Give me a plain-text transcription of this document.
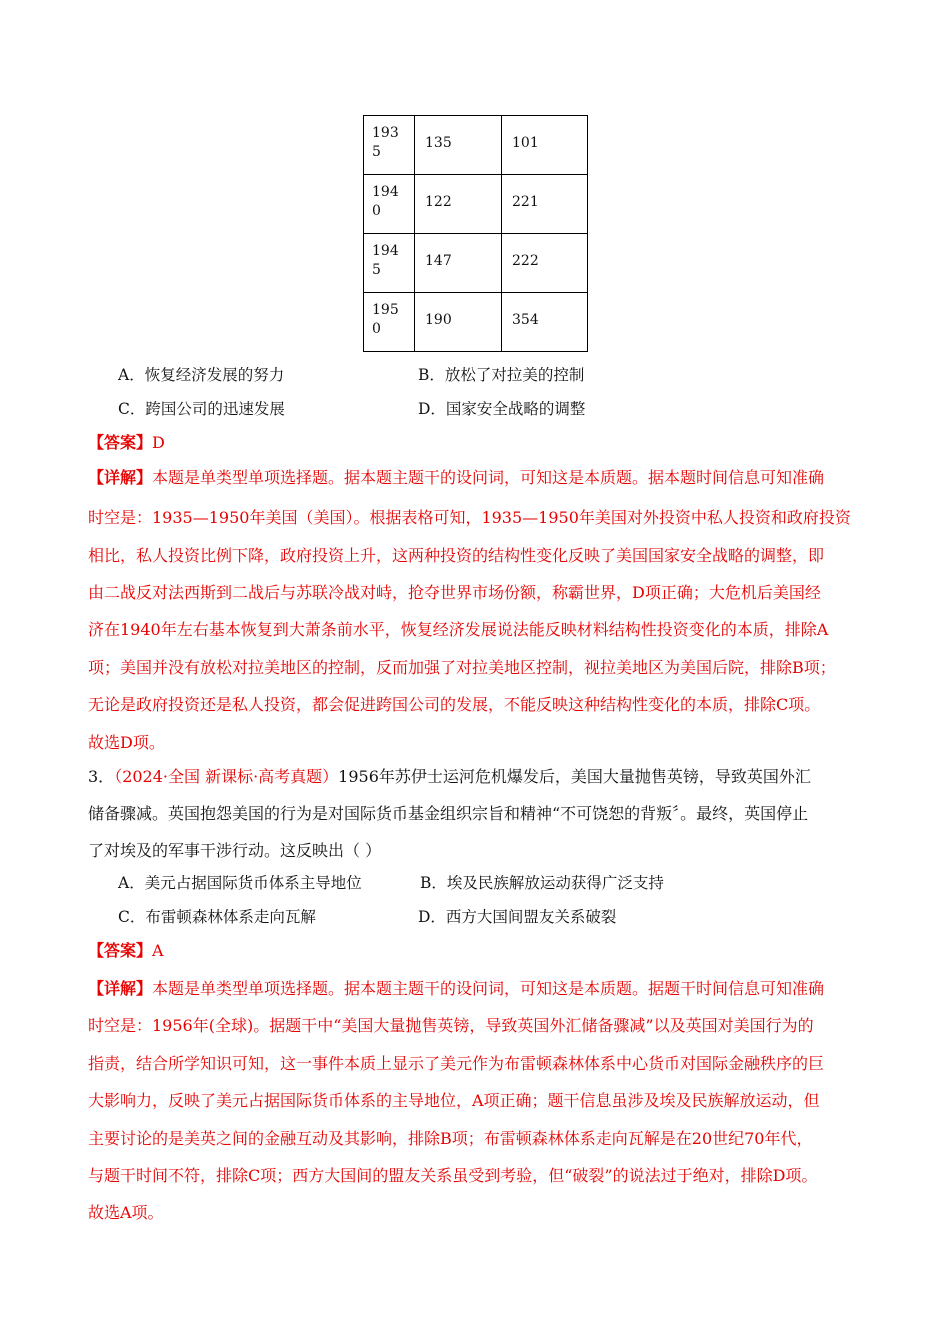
1935	135	101
1940	122	221
1945	147	222
1950	190	354
A．恢复经济发展的努力	B．放松了对拉美的控制
C．跨国公司的迅速发展	D．国家安全战略的调整
【答案】D
【详解】本题是单类型单项选择题。据本题主题干的设问词，可知这是本质题。据本题时间信息可知准确
时空是：1935—1950年美国（美国）。根据表格可知，1935—1950年美国对外投资中私人投资和政府投资
相比，私人投资比例下降，政府投资上升，这两种投资的结构性变化反映了美国国家安全战略的调整，即
由二战反对法西斯到二战后与苏联冷战对峙，抢夺世界市场份额，称霸世界，D项正确；大危机后美国经
济在1940年左右基本恢复到大萧条前水平，恢复经济发展说法能反映材料结构性投资变化的本质，排除A
项；美国并没有放松对拉美地区的控制，反而加强了对拉美地区控制，视拉美地区为美国后院，排除B项；
无论是政府投资还是私人投资，都会促进跨国公司的发展，不能反映这种结构性变化的本质，排除C项。
故选D项。
3．（2024·全国 新课标·高考真题）1956年苏伊士运河危机爆发后，美国大量抛售英镑，导致英国外汇
储备骤减。英国抱怨美国的行为是对国际货币基金组织宗旨和精神“不可饶恕的背叛〞。最终，英国停止
了对埃及的军事干涉行动。这反映出（ ）
A．美元占据国际货币体系主导地位	B．埃及民族解放运动获得广泛支持
C．布雷顿森林体系走向瓦解	D．西方大国间盟友关系破裂
【答案】A
【详解】本题是单类型单项选择题。据本题主题干的设问词，可知这是本质题。据题干时间信息可知准确
时空是：1956年(全球)。据题干中“美国大量抛售英镑，导致英国外汇储备骤减”以及英国对美国行为的
指责，结合所学知识可知，这一事件本质上显示了美元作为布雷顿森林体系中心货币对国际金融秩序的巨
大影响力，反映了美元占据国际货币体系的主导地位，A项正确；题干信息虽涉及埃及民族解放运动，但
主要讨论的是美英之间的金融互动及其影响，排除B项；布雷顿森林体系走向瓦解是在20世纪70年代，
与题干时间不符，排除C项；西方大国间的盟友关系虽受到考验，但“破裂”的说法过于绝对，排除D项。
故选A项。
